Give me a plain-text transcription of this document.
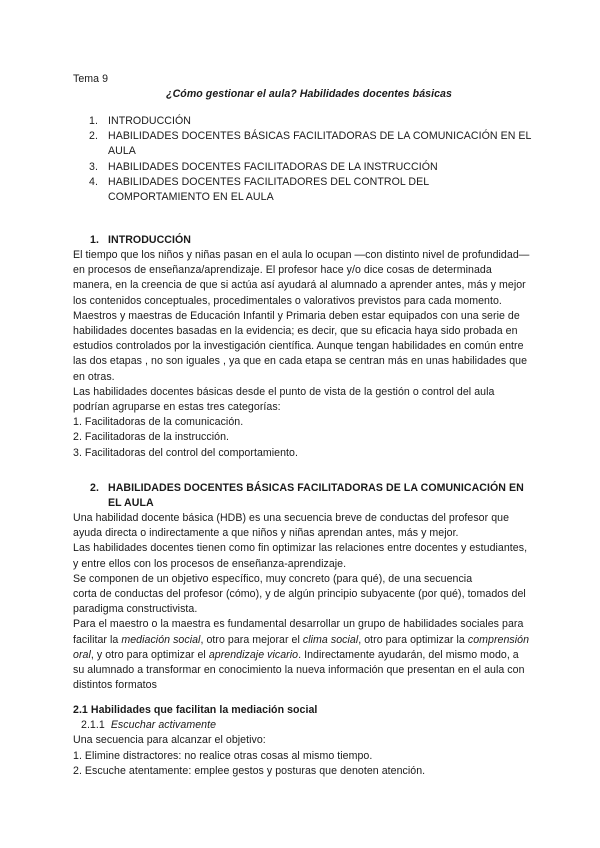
Tema 9
¿Cómo gestionar el aula? Habilidades docentes básicas
1. INTRODUCCIÓN
2. HABILIDADES DOCENTES BÁSICAS FACILITADORAS DE LA COMUNICACIÓN EN EL AULA
3. HABILIDADES DOCENTES FACILITADORAS DE LA INSTRUCCIÓN
4. HABILIDADES DOCENTES FACILITADORES DEL CONTROL DEL COMPORTAMIENTO EN EL AULA
1. INTRODUCCIÓN

El tiempo que los niños y niñas pasan en el aula lo ocupan —con distinto nivel de profundidad— en procesos de enseñanza/aprendizaje. El profesor hace y/o dice cosas de determinada manera, en la creencia de que si actúa así ayudará al alumnado a aprender antes, más y mejor los contenidos conceptuales, procedimentales o valorativos previstos para cada momento.

Maestros y maestras de Educación Infantil y Primaria deben estar equipados con una serie de habilidades docentes basadas en la evidencia; es decir, que su eficacia haya sido probada en estudios controlados por la investigación científica. Aunque tengan habilidades en común entre las dos etapas , no son iguales , ya que en cada etapa se centran más en unas habilidades que en otras.

Las habilidades docentes básicas desde el punto de vista de la gestión o control del aula podrían agruparse en estas tres categorías:

1. Facilitadoras de la comunicación.

2. Facilitadoras de la instrucción.

3. Facilitadoras del control del comportamiento.

2. HABILIDADES DOCENTES BÁSICAS FACILITADORAS DE LA COMUNICACIÓN EN EL AULA

Una habilidad docente básica (HDB) es una secuencia breve de conductas del profesor que ayuda directa o indirectamente a que niños y niñas aprendan antes, más y mejor.

Las habilidades docentes tienen como fin optimizar las relaciones entre docentes y estudiantes, y entre ellos con los procesos de enseñanza-aprendizaje.

Se componen de un objetivo específico, muy concreto (para qué), de una secuencia
corta de conductas del profesor (cómo), y de algún principio subyacente (por qué), tomados del paradigma constructivista.

Para el maestro o la maestra es fundamental desarrollar un grupo de habilidades sociales para facilitar la mediación social, otro para mejorar el clima social, otro para optimizar la comprensión oral, y otro para optimizar el aprendizaje vicario. Indirectamente ayudarán, del mismo modo, a su alumnado a transformar en conocimiento la nueva información que presentan en el aula con distintos formatos

2.1 Habilidades que facilitan la mediación social

2.1.1 Escuchar activamente

Una secuencia para alcanzar el objetivo:

1. Elimine distractores: no realice otras cosas al mismo tiempo.

2. Escuche atentamente: emplee gestos y posturas que denoten atención.
